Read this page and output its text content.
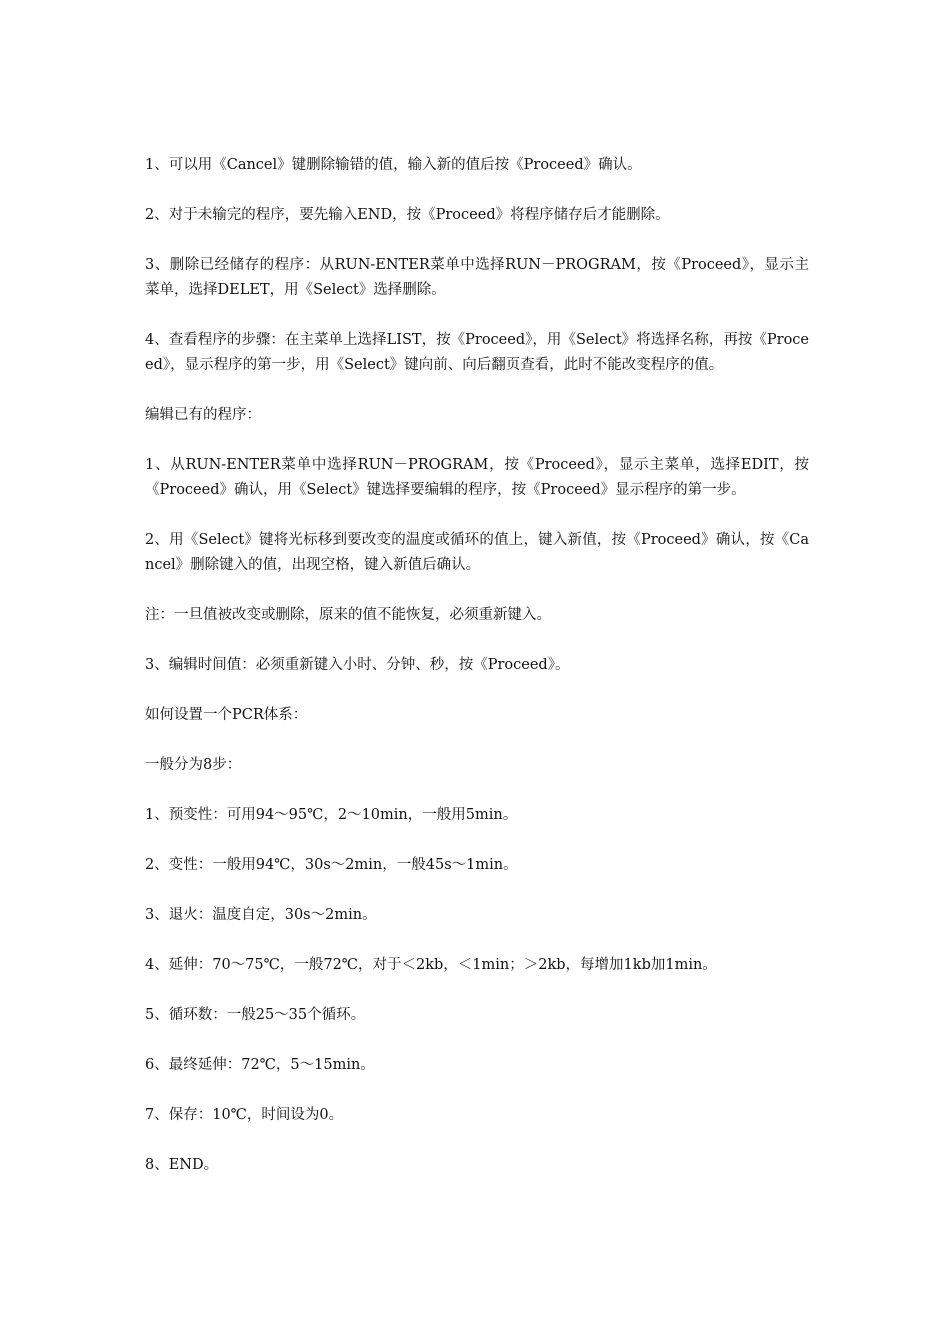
1、可以用《Cancel》键删除输错的值，输入新的值后按《Proceed》确认。

2、对于未输完的程序，要先输入END，按《Proceed》将程序储存后才能删除。

3、删除已经储存的程序：从RUN-ENTER菜单中选择RUN－PROGRAM，按《Proceed》，显示主菜单，选择DELET，用《Select》选择删除。

4、查看程序的步骤：在主菜单上选择LIST，按《Proceed》，用《Select》将选择名称，再按《Proceed》，显示程序的第一步，用《Select》键向前、向后翻页查看，此时不能改变程序的值。

编辑已有的程序：

1、从RUN-ENTER菜单中选择RUN－PROGRAM，按《Proceed》，显示主菜单，选择EDIT，按《Proceed》确认，用《Select》键选择要编辑的程序，按《Proceed》显示程序的第一步。

2、用《Select》键将光标移到要改变的温度或循环的值上，键入新值，按《Proceed》确认，按《Cancel》删除键入的值，出现空格，键入新值后确认。

注：一旦值被改变或删除，原来的值不能恢复，必须重新键入。

3、编辑时间值：必须重新键入小时、分钟、秒，按《Proceed》。

如何设置一个PCR体系：

一般分为8步：

1、预变性：可用94～95℃，2～10min，一般用5min。

2、变性：一般用94℃，30s～2min，一般45s～1min。

3、退火：温度自定，30s～2min。

4、延伸：70～75℃，一般72℃，对于＜2kb，＜1min；＞2kb，每增加1kb加1min。

5、循环数：一般25～35个循环。

6、最终延伸：72℃，5～15min。

7、保存：10℃，时间设为0。

8、END。
